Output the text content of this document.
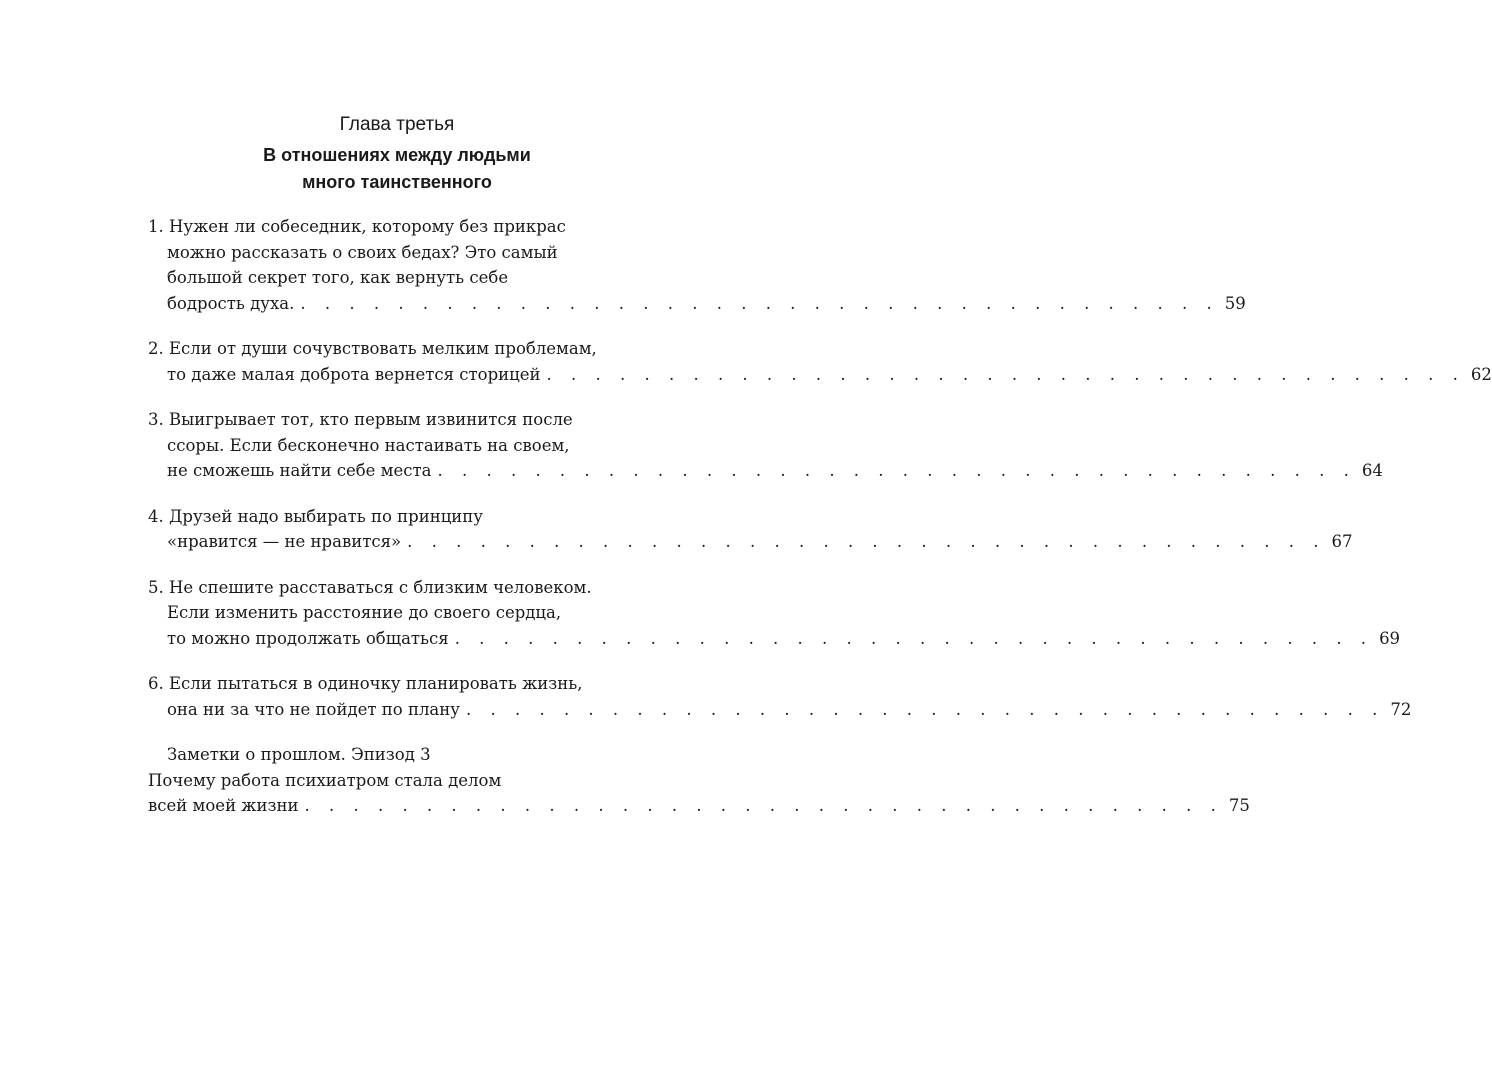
Глава третья
В отношениях между людьми
много таинственного
1. Нужен ли собеседник, которому без прикрас
можно рассказать о своих бедах? Это самый
большой секрет того, как вернуть себе
бодрость духа. . . . . . . . . . . . . . . . . . . . . . . . . . . . . . . . . . . . . . . 59
2. Если от души сочувствовать мелким проблемам,
то даже малая доброта вернется сторицей . . . . . . . . . . . . . . . . . . . . . . . . . . . . . . . . . . . . . . 62
3. Выигрывает тот, кто первым извинится после
ссоры. Если бесконечно настаивать на своем,
не сможешь найти себе места . . . . . . . . . . . . . . . . . . . . . . . . . . . . . . . . . . . . . . 64
4. Друзей надо выбирать по принципу
«нравится — не нравится» . . . . . . . . . . . . . . . . . . . . . . . . . . . . . . . . . . . . . . 67
5. Не спешите расставаться с близким человеком.
Если изменить расстояние до своего сердца,
то можно продолжать общаться . . . . . . . . . . . . . . . . . . . . . . . . . . . . . . . . . . . . . . 69
6. Если пытаться в одиночку планировать жизнь,
она ни за что не пойдет по плану . . . . . . . . . . . . . . . . . . . . . . . . . . . . . . . . . . . . . . 72
Заметки о прошлом. Эпизод 3
Почему работа психиатром стала делом
всей моей жизни . . . . . . . . . . . . . . . . . . . . . . . . . . . . . . . . . . . . . . 75
